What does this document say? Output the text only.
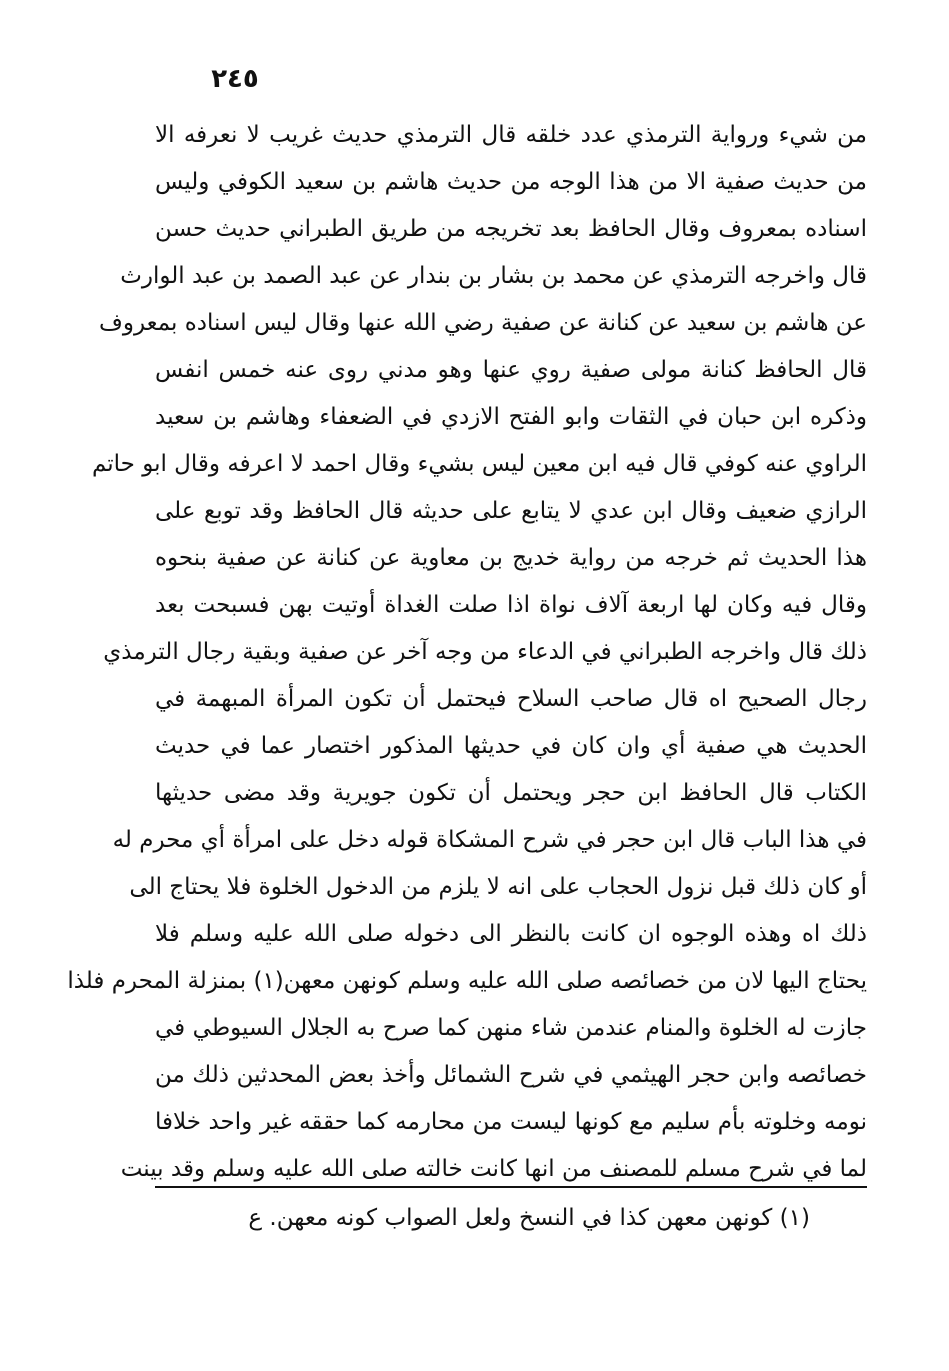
٢٤٥
من شيء ورواية الترمذي عدد خلقه قال الترمذي حديث غريب لا نعرفه الا
من حديث صفية الا من هذا الوجه من حديث هاشم بن سعيد الكوفي وليس
اسناده بمعروف وقال الحافظ بعد تخريجه من طريق الطبراني حديث حسن
قال واخرجه الترمذي عن محمد بن بشار بن بندار عن عبد الصمد بن عبد الوارث
عن هاشم بن سعيد عن كنانة عن صفية رضي الله عنها وقال ليس اسناده بمعروف
قال الحافظ كنانة مولى صفية روي عنها وهو مدني روى عنه خمس انفس
وذكره ابن حبان في الثقات وابو الفتح الازدي في الضعفاء وهاشم بن سعيد
الراوي عنه كوفي قال فيه ابن معين ليس بشيء وقال احمد لا اعرفه وقال ابو حاتم
الرازي ضعيف وقال ابن عدي لا يتابع على حديثه قال الحافظ وقد توبع على
هذا الحديث ثم خرجه من رواية خديج بن معاوية عن كنانة عن صفية بنحوه
وقال فيه وكان لها اربعة آلاف نواة اذا صلت الغداة أوتيت بهن فسبحت بعد
ذلك قال واخرجه الطبراني في الدعاء من وجه آخر عن صفية وبقية رجال الترمذي
رجال الصحيح اه قال صاحب السلاح فيحتمل أن تكون المرأة المبهمة في
الحديث هي صفية أي وان كان في حديثها المذكور اختصار عما في حديث
الكتاب قال الحافظ ابن حجر ويحتمل أن تكون جويرية وقد مضى حديثها
في هذا الباب قال ابن حجر في شرح المشكاة قوله دخل على امرأة أي محرم له
أو كان ذلك قبل نزول الحجاب على انه لا يلزم من الدخول الخلوة فلا يحتاج الى
ذلك اه وهذه الوجوه ان كانت بالنظر الى دخوله صلى الله عليه وسلم فلا
يحتاج اليها لان من خصائصه صلى الله عليه وسلم كونهن معهن(١) بمنزلة المحرم فلذا
جازت له الخلوة والمنام عندمن شاء منهن كما صرح به الجلال السيوطي في
خصائصه وابن حجر الهيثمي في شرح الشمائل وأخذ بعض المحدثين ذلك من
نومه وخلوته بأم سليم مع كونها ليست من محارمه كما حققه غير واحد خلافا
لما في شرح مسلم للمصنف من انها كانت خالته صلى الله عليه وسلم وقد بينت
(١) كونهن معهن كذا في النسخ ولعل الصواب كونه معهن. ع
